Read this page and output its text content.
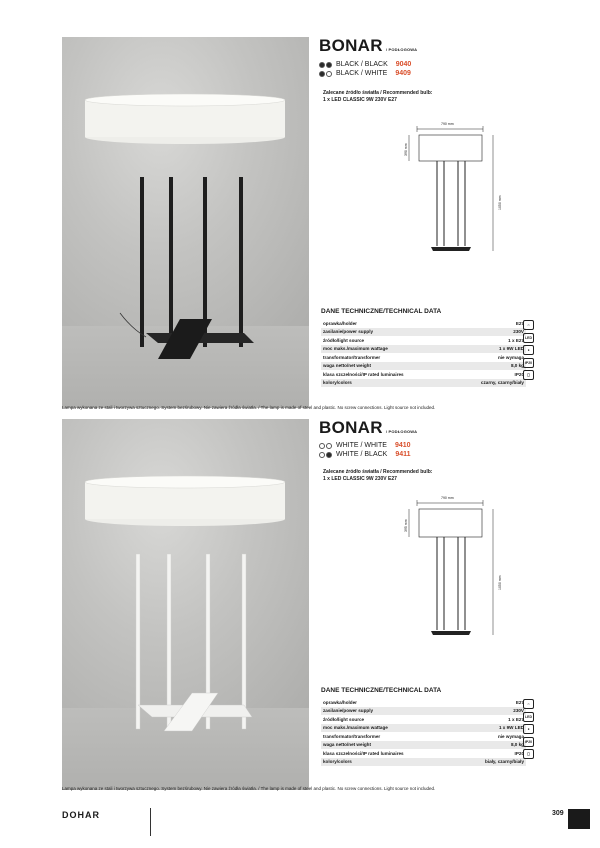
BONAR / PODŁOGOWA
BLACK / BLACK 9040
BLACK / WHITE 9409
Zalecane źródło światła / Recommended bulb:
1 x LED CLASSIC 9W 230V E27
790 mm
390 mm
1050 mm
DANE TECHNICZNE/TECHNICAL DATA
oprawka/holder	E27
zasilanie/power supply	230V
źródło/light source	1 x E27
moc maks./maximum wattage	1 x 9W LED
transformator/transformer	nie wymaga
waga netto/net weight	8,0 kg
klasa szczelności/IP rated luminaires	IP20
kolory/colors	czarny, czarny/biały
⌂
LED
●
IP20
▢
Lampa wykonana ze stali i tworzywa sztucznego. System bezśrubowy. Nie zawiera źródła światła. / The lamp is made of steel and plastic. No screw connections. Light source not included.
BONAR / PODŁOGOWA
WHITE / WHITE 9410
WHITE / BLACK 9411
Zalecane źródło światła / Recommended bulb:
1 x LED CLASSIC 9W 230V E27
790 mm
395 mm
1050 mm
DANE TECHNICZNE/TECHNICAL DATA
oprawka/holder	E27
zasilanie/power supply	230V
źródło/light source	1 x E27
moc maks./maximum wattage	1 x 9W LED
transformator/transformer	nie wymaga
waga netto/net weight	8,0 kg
klasa szczelności/IP rated luminaires	IP20
kolory/colors	biały, czarny/biały
⌂
LED
●
IP20
▢
Lampa wykonana ze stali i tworzywa sztucznego. System bezśrubowy. Nie zawiera źródła światła. / The lamp is made of steel and plastic. No screw connections. Light source not included.
DOHAR	309
